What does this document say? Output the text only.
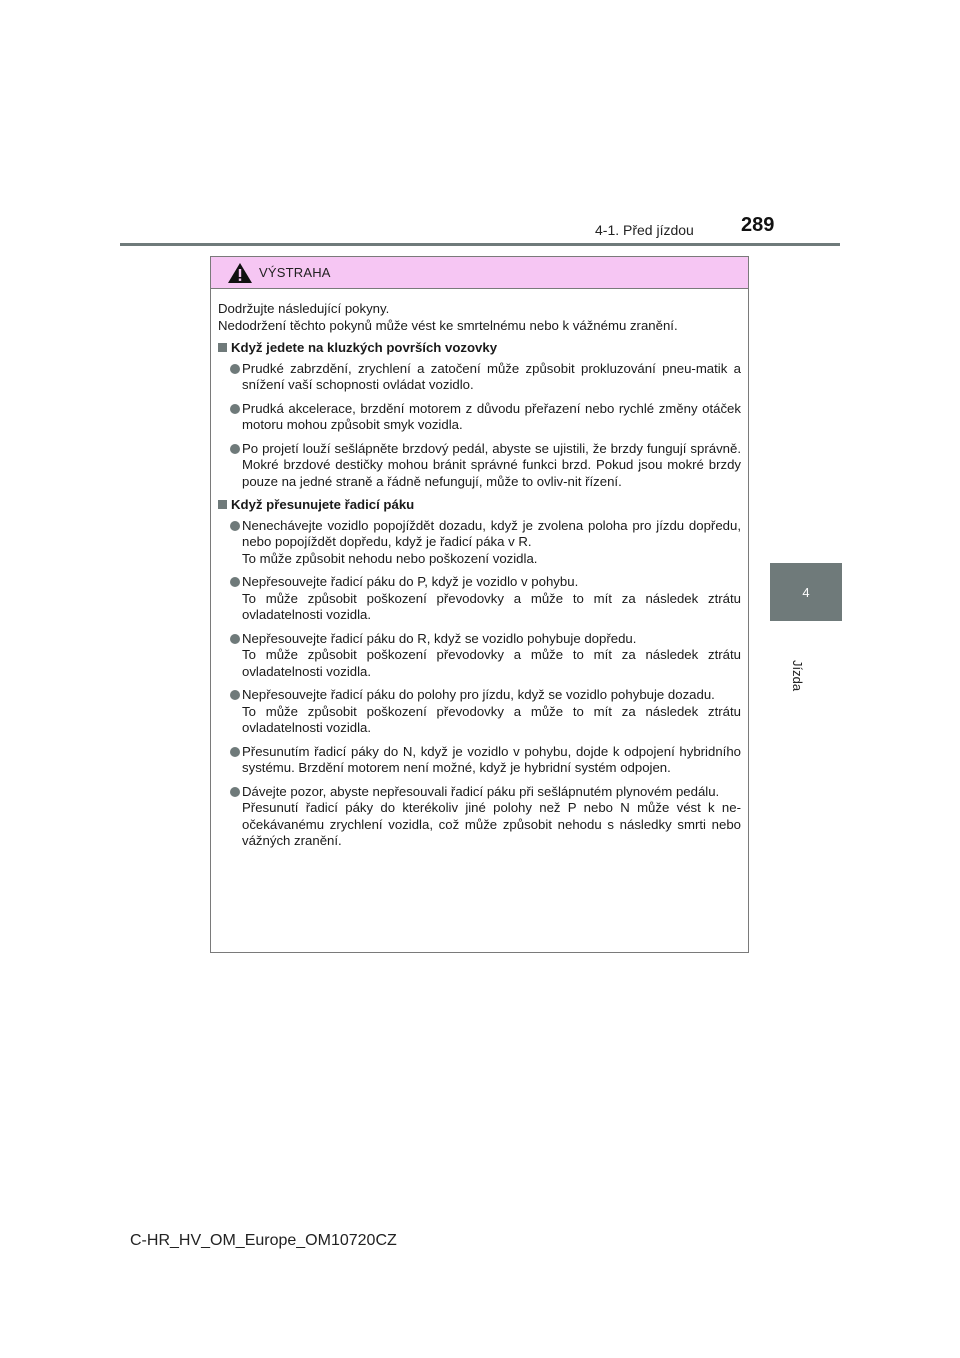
4-1. Před jízdou 289
4
Jízda
VÝSTRAHA
Dodržujte následující pokyny.
Nedodržení těchto pokynů může vést ke smrtelnému nebo k vážnému zranění.
Když jedete na kluzkých površích vozovky
Prudké zabrzdění, zrychlení a zatočení může způsobit prokluzování pneu-matik a snížení vaší schopnosti ovládat vozidlo.
Prudká akcelerace, brzdění motorem z důvodu přeřazení nebo rychlé změny otáček motoru mohou způsobit smyk vozidla.
Po projetí louží sešlápněte brzdový pedál, abyste se ujistili, že brzdy fungují správně. Mokré brzdové destičky mohou bránit správné funkci brzd. Pokud jsou mokré brzdy pouze na jedné straně a řádně nefungují, může to ovliv-nit řízení.
Když přesunujete řadicí páku
Nenechávejte vozidlo popojíždět dozadu, když je zvolena poloha pro jízdu dopředu, nebo popojíždět dopředu, když je řadicí páka v R.
To může způsobit nehodu nebo poškození vozidla.
Nepřesouvejte řadicí páku do P, když je vozidlo v pohybu.
To může způsobit poškození převodovky a může to mít za následek ztrátu ovladatelnosti vozidla.
Nepřesouvejte řadicí páku do R, když se vozidlo pohybuje dopředu.
To může způsobit poškození převodovky a může to mít za následek ztrátu ovladatelnosti vozidla.
Nepřesouvejte řadicí páku do polohy pro jízdu, když se vozidlo pohybuje dozadu.
To může způsobit poškození převodovky a může to mít za následek ztrátu ovladatelnosti vozidla.
Přesunutím řadicí páky do N, když je vozidlo v pohybu, dojde k odpojení hybridního systému. Brzdění motorem není možné, když je hybridní systém odpojen.
Dávejte pozor, abyste nepřesouvali řadicí páku při sešlápnutém plynovém pedálu.
Přesunutí řadicí páky do kterékoliv jiné polohy než P nebo N může vést k ne-očekávanému zrychlení vozidla, což může způsobit nehodu s následky smrti nebo vážných zranění.
C-HR_HV_OM_Europe_OM10720CZ
